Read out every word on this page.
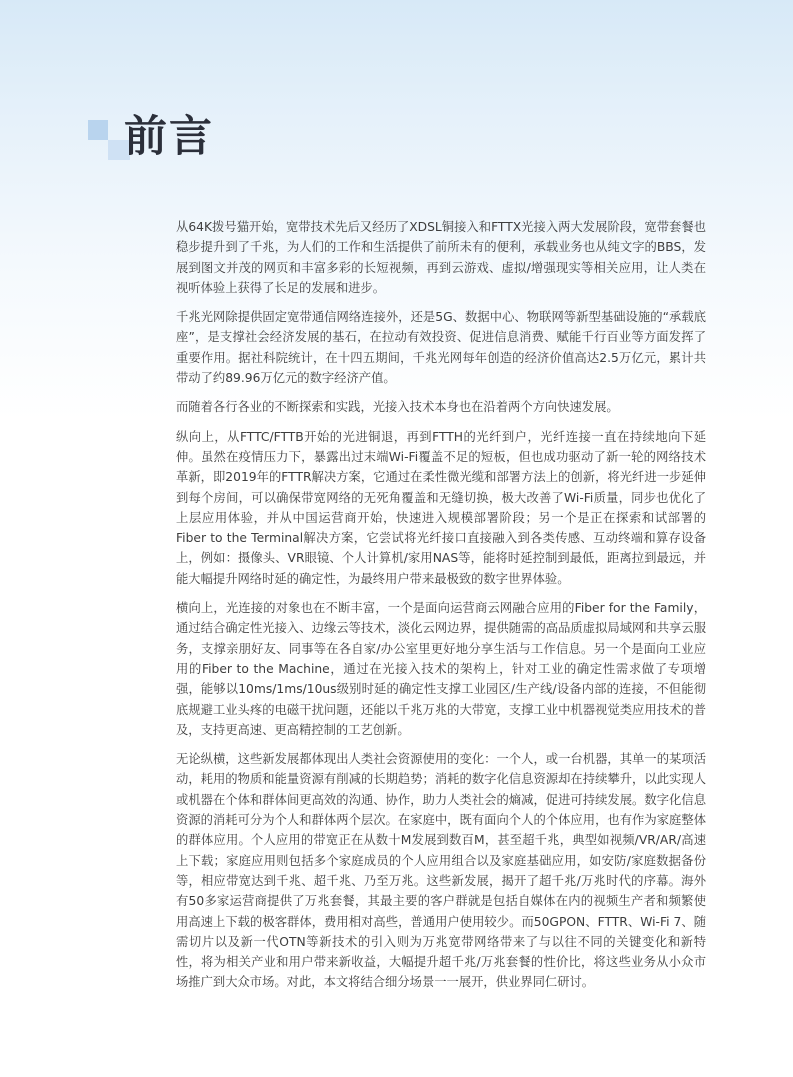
前言

从64K拨号猫开始，宽带技术先后又经历了XDSL铜接入和FTTX光接入两大发展阶段，宽带套餐也稳步提升到了千兆，为人们的工作和生活提供了前所未有的便利，承载业务也从纯文字的BBS，发展到图文并茂的网页和丰富多彩的长短视频，再到云游戏、虚拟/增强现实等相关应用，让人类在视听体验上获得了长足的发展和进步。

千兆光网除提供固定宽带通信网络连接外，还是5G、数据中心、物联网等新型基础设施的“承载底座”，是支撑社会经济发展的基石，在拉动有效投资、促进信息消费、赋能千行百业等方面发挥了重要作用。据社科院统计，在十四五期间，千兆光网每年创造的经济价值高达2.5万亿元，累计共带动了约89.96万亿元的数字经济产值。

而随着各行各业的不断探索和实践，光接入技术本身也在沿着两个方向快速发展。

纵向上，从FTTC/FTTB开始的光进铜退，再到FTTH的光纤到户，光纤连接一直在持续地向下延伸。虽然在疫情压力下，暴露出过末端Wi-Fi覆盖不足的短板，但也成功驱动了新一轮的网络技术革新，即2019年的FTTR解决方案，它通过在柔性微光缆和部署方法上的创新，将光纤进一步延伸到每个房间，可以确保带宽网络的无死角覆盖和无缝切换，极大改善了Wi-Fi质量，同步也优化了上层应用体验，并从中国运营商开始，快速进入规模部署阶段；另一个是正在探索和试部署的Fiber to the Terminal解决方案，它尝试将光纤接口直接融入到各类传感、互动终端和算存设备上，例如：摄像头、VR眼镜、个人计算机/家用NAS等，能将时延控制到最低，距离拉到最远，并能大幅提升网络时延的确定性，为最终用户带来最极致的数字世界体验。

横向上，光连接的对象也在不断丰富，一个是面向运营商云网融合应用的Fiber for the Family，通过结合确定性光接入、边缘云等技术，淡化云网边界，提供随需的高品质虚拟局域网和共享云服务，支撑亲朋好友、同事等在各自家/办公室里更好地分享生活与工作信息。另一个是面向工业应用的Fiber to the Machine，通过在光接入技术的架构上，针对工业的确定性需求做了专项增强，能够以10ms/1ms/10us级别时延的确定性支撑工业园区/生产线/设备内部的连接，不但能彻底规避工业头疼的电磁干扰问题，还能以千兆万兆的大带宽，支撑工业中机器视觉类应用技术的普及，支持更高速、更高精控制的工艺创新。

无论纵横，这些新发展都体现出人类社会资源使用的变化：一个人，或一台机器，其单一的某项活动，耗用的物质和能量资源有削减的长期趋势；消耗的数字化信息资源却在持续攀升，以此实现人或机器在个体和群体间更高效的沟通、协作，助力人类社会的熵减，促进可持续发展。数字化信息资源的消耗可分为个人和群体两个层次。在家庭中，既有面向个人的个体应用，也有作为家庭整体的群体应用。个人应用的带宽正在从数十M发展到数百M，甚至超千兆，典型如视频/VR/AR/高速上下载；家庭应用则包括多个家庭成员的个人应用组合以及家庭基础应用，如安防/家庭数据备份等，相应带宽达到千兆、超千兆、乃至万兆。这些新发展，揭开了超千兆/万兆时代的序幕。海外有50多家运营商提供了万兆套餐，其最主要的客户群就是包括自媒体在内的视频生产者和频繁使用高速上下载的极客群体，费用相对高些，普通用户使用较少。而50GPON、FTTR、Wi-Fi 7、随需切片以及新一代OTN等新技术的引入则为万兆宽带网络带来了与以往不同的关键变化和新特性，将为相关产业和用户带来新收益，大幅提升超千兆/万兆套餐的性价比，将这些业务从小众市场推广到大众市场。对此，本文将结合细分场景一一展开，供业界同仁研讨。
